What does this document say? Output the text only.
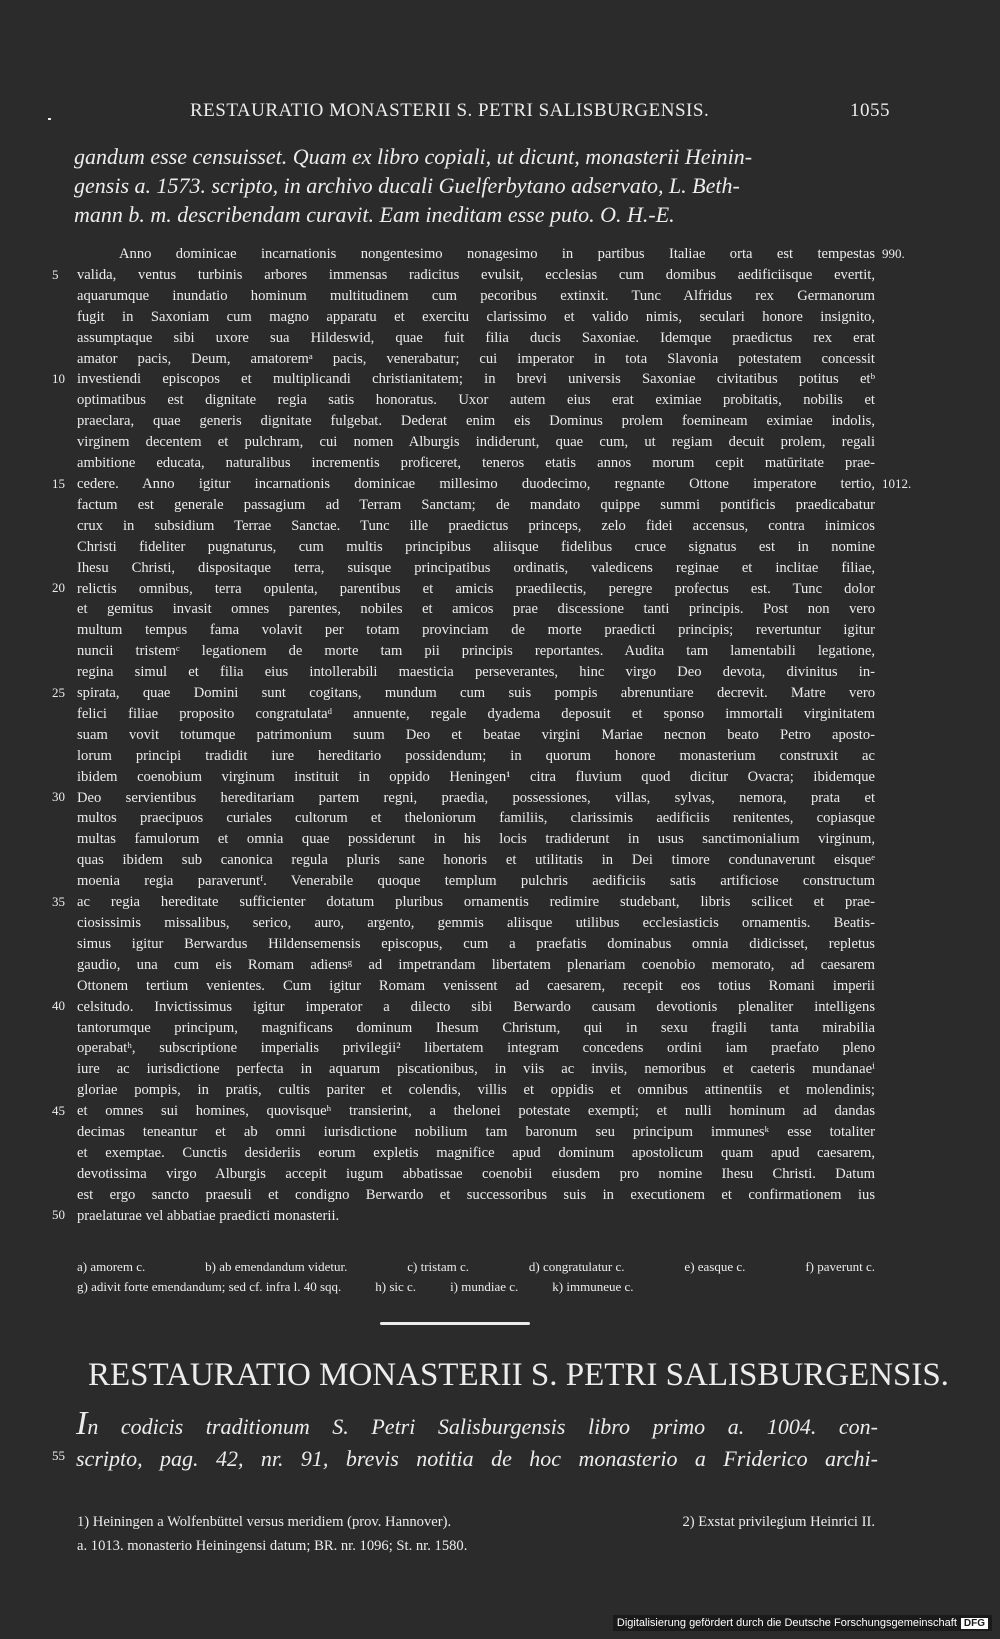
RESTAURATIO MONASTERII S. PETRI SALISBURGENSIS.	1055
gandum esse censuisset. Quam ex libro copiali, ut dicunt, monasterii Heinin-
gensis a. 1573. scripto, in archivo ducali Guelferbytano adservato, L. Beth-
mann b. m. describendam curavit. Eam ineditam esse puto. O. H.-E.
Anno dominicae incarnationis nongentesimo nonagesimo in partibus Italiae orta est tempestas
valida, ventus turbinis arbores immensas radicitus evulsit, ecclesias cum domibus aedificiisque evertit,
aquarumque inundatio hominum multitudinem cum pecoribus extinxit. Tunc Alfridus rex Germanorum
fugit in Saxoniam cum magno apparatu et exercitu clarissimo et valido nimis, seculari honore insignito,
assumptaque sibi uxore sua Hildeswid, quae fuit filia ducis Saxoniae. Idemque praedictus rex erat
amator pacis, Deum, amatoremᵃ pacis, venerabatur; cui imperator in tota Slavonia potestatem concessit
investiendi episcopos et multiplicandi christianitatem; in brevi universis Saxoniae civitatibus potitus etᵇ
optimatibus est dignitate regia satis honoratus. Uxor autem eius erat eximiae probitatis, nobilis et
praeclara, quae generis dignitate fulgebat. Dederat enim eis Dominus prolem foemineam eximiae indolis,
virginem decentem et pulchram, cui nomen Alburgis indiderunt, quae cum, ut regiam decuit prolem, regali
ambitione educata, naturalibus incrementis proficeret, teneros etatis annos morum cepit matūritate prae-
cedere. Anno igitur incarnationis dominicae millesimo duodecimo, regnante Ottone imperatore tertio,
factum est generale passagium ad Terram Sanctam; de mandato quippe summi pontificis praedicabatur
crux in subsidium Terrae Sanctae. Tunc ille praedictus princeps, zelo fidei accensus, contra inimicos
Christi fideliter pugnaturus, cum multis principibus aliisque fidelibus cruce signatus est in nomine
Ihesu Christi, dispositaque terra, suisque principatibus ordinatis, valedicens reginae et inclitae filiae,
relictis omnibus, terra opulenta, parentibus et amicis praedilectis, peregre profectus est. Tunc dolor
et gemitus invasit omnes parentes, nobiles et amicos prae discessione tanti principis. Post non vero
multum tempus fama volavit per totam provinciam de morte praedicti principis; revertuntur igitur
nuncii tristemᶜ legationem de morte tam pii principis reportantes. Audita tam lamentabili legatione,
regina simul et filia eius intollerabili maesticia perseverantes, hinc virgo Deo devota, divinitus in-
spirata, quae Domini sunt cogitans, mundum cum suis pompis abrenuntiare decrevit. Matre vero
felici filiae proposito congratulataᵈ annuente, regale dyadema deposuit et sponso immortali virginitatem
suam vovit totumque patrimonium suum Deo et beatae virgini Mariae necnon beato Petro aposto-
lorum principi tradidit iure hereditario possidendum; in quorum honore monasterium construxit ac
ibidem coenobium virginum instituit in oppido Heningen¹ citra fluvium quod dicitur Ovacra; ibidemque
Deo servientibus hereditariam partem regni, praedia, possessiones, villas, sylvas, nemora, prata et
multos praecipuos curiales cultorum et theloniorum familiis, clarissimis aedificiis renitentes, copiasque
multas famulorum et omnia quae possiderunt in his locis tradiderunt in usus sanctimonialium virginum,
quas ibidem sub canonica regula pluris sane honoris et utilitatis in Dei timore condunaverunt eisqueᵉ
moenia regia paraveruntᶠ. Venerabile quoque templum pulchris aedificiis satis artificiose constructum
ac regia hereditate sufficienter dotatum pluribus ornamentis redimire studebant, libris scilicet et prae-
ciosissimis missalibus, serico, auro, argento, gemmis aliisque utilibus ecclesiasticis ornamentis. Beatis-
simus igitur Berwardus Hildensemensis episcopus, cum a praefatis dominabus omnia didicisset, repletus
gaudio, una cum eis Romam adiensᵍ ad impetrandam libertatem plenariam coenobio memorato, ad caesarem
Ottonem tertium venientes. Cum igitur Romam venissent ad caesarem, recepit eos totius Romani imperii
celsitudo. Invictissimus igitur imperator a dilecto sibi Berwardo causam devotionis plenaliter intelligens
tantorumque principum, magnificans dominum Ihesum Christum, qui in sexu fragili tanta mirabilia
operabatʰ, subscriptione imperialis privilegii² libertatem integram concedens ordini iam praefato pleno
iure ac iurisdictione perfecta in aquarum piscationibus, in viis ac inviis, nemoribus et caeteris mundanaeⁱ
gloriae pompis, in pratis, cultis pariter et colendis, villis et oppidis et omnibus attinentiis et molendinis;
et omnes sui homines, quovisqueʰ transierint, a thelonei potestate exempti; et nulli hominum ad dandas
decimas teneantur et ab omni iurisdictione nobilium tam baronum seu principum immunesᵏ esse totaliter
et exemptae. Cunctis desideriis eorum expletis magnifice apud dominum apostolicum quam apud caesarem,
devotissima virgo Alburgis accepit iugum abbatissae coenobii eiusdem pro nomine Ihesu Christi. Datum
est ergo sancto praesuli et condigno Berwardo et successoribus suis in executionem et confirmationem ius
praelaturae vel abbatiae praedicti monasterii.
5
10
15
20
25
30
35
40
45
50
990.
1012.
a) amorem c.	b) ab emendandum videtur.	c) tristam c.	d) congratulatur c.	e) easque c.	f) paverunt c.
g) adivit forte emendandum; sed cf. infra l. 40 sqq.	h) sic c.	i) mundiae c.	k) immuneue c.
RESTAURATIO MONASTERII S. PETRI SALISBURGENSIS.
In codicis traditionum S. Petri Salisburgensis libro primo a. 1004. con-
scripto, pag. 42, nr. 91, brevis notitia de hoc monasterio a Friderico archi-
55
1) Heiningen a Wolfenbüttel versus meridiem (prov. Hannover).	2) Exstat privilegium Heinrici II.
a. 1013. monasterio Heiningensi datum; BR. nr. 1096; St. nr. 1580.
Digitalisierung gefördert durch die Deutsche Forschungsgemeinschaft DFG
